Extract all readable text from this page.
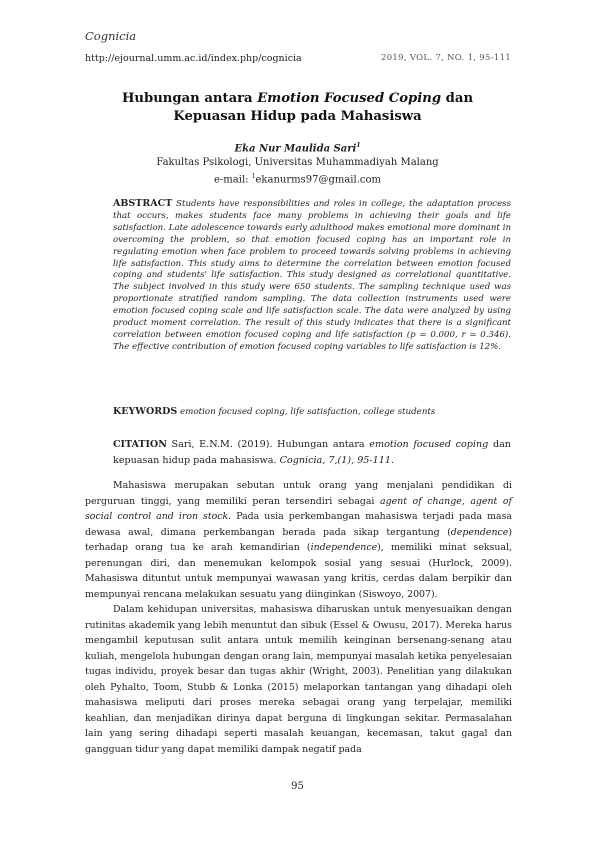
Cognicia
http://ejournal.umm.ac.id/index.php/cognicia	2019, VOL. 7, NO. 1, 95-111
Hubungan antara Emotion Focused Coping dan Kepuasan Hidup pada Mahasiswa
Eka Nur Maulida Sari$^1$
Fakultas Psikologi, Universitas Muhammadiyah Malang
e-mail: $^1$ekanurms97@gmail.com
ABSTRACT Students have responsibilities and roles in college, the adaptation process that occurs, makes students face many problems in achieving their goals and life satisfaction. Late adolescence towards early adulthood makes emotional more dominant in overcoming the problem, so that emotion focused coping has an important role in regulating emotion when face problem to proceed towards solving problems in achieving life satisfaction. This study aims to determine the correlation between emotion focused coping and students' life satisfaction. This study designed as correlational quantitative. The subject involved in this study were 650 students. The sampling technique used was proportionate stratified random sampling. The data collection instruments used were emotion focused coping scale and life satisfaction scale. The data were analyzed by using product moment correlation. The result of this study indicates that there is a significant correlation between emotion focused coping and life satisfaction (p = 0.000, r = 0.346). The effective contribution of emotion focused coping variables to life satisfaction is 12%.
KEYWORDS emotion focused coping, life satisfaction, college students
CITATION Sari, E.N.M. (2019). Hubungan antara emotion focused coping dan kepuasan hidup pada mahasiswa. Cognicia, 7,(1), 95-111.

Mahasiswa merupakan sebutan untuk orang yang menjalani pendidikan di perguruan tinggi, yang memiliki peran tersendiri sebagai agent of change, agent of social control and iron stock. Pada usia perkembangan mahasiswa terjadi pada masa dewasa awal, dimana perkembangan berada pada sikap tergantung (dependence) terhadap orang tua ke arah kemandirian (independence), memiliki minat seksual, perenungan diri, dan menemukan kelompok sosial yang sesuai (Hurlock, 2009). Mahasiswa dituntut untuk mempunyai wawasan yang kritis, cerdas dalam berpikir dan mempunyai rencana melakukan sesuatu yang diinginkan (Siswoyo, 2007).

Dalam kehidupan universitas, mahasiswa diharuskan untuk menyesuaikan dengan rutinitas akademik yang lebih menuntut dan sibuk (Essel & Owusu, 2017). Mereka harus mengambil keputusan sulit antara untuk memilih keinginan bersenang-senang atau kuliah, mengelola hubungan dengan orang lain, mempunyai masalah ketika penyelesaian tugas individu, proyek besar dan tugas akhir (Wright, 2003). Penelitian yang dilakukan oleh Pyhalto, Toom, Stubb & Lonka (2015) melaporkan tantangan yang dihadapi oleh mahasiswa meliputi dari proses mereka sebagai orang yang terpelajar, memiliki keahlian, dan menjadikan dirinya dapat berguna di lingkungan sekitar. Permasalahan lain yang sering dihadapi seperti masalah keuangan, kecemasan, takut gagal dan gangguan tidur yang dapat memiliki dampak negatif pada

95
